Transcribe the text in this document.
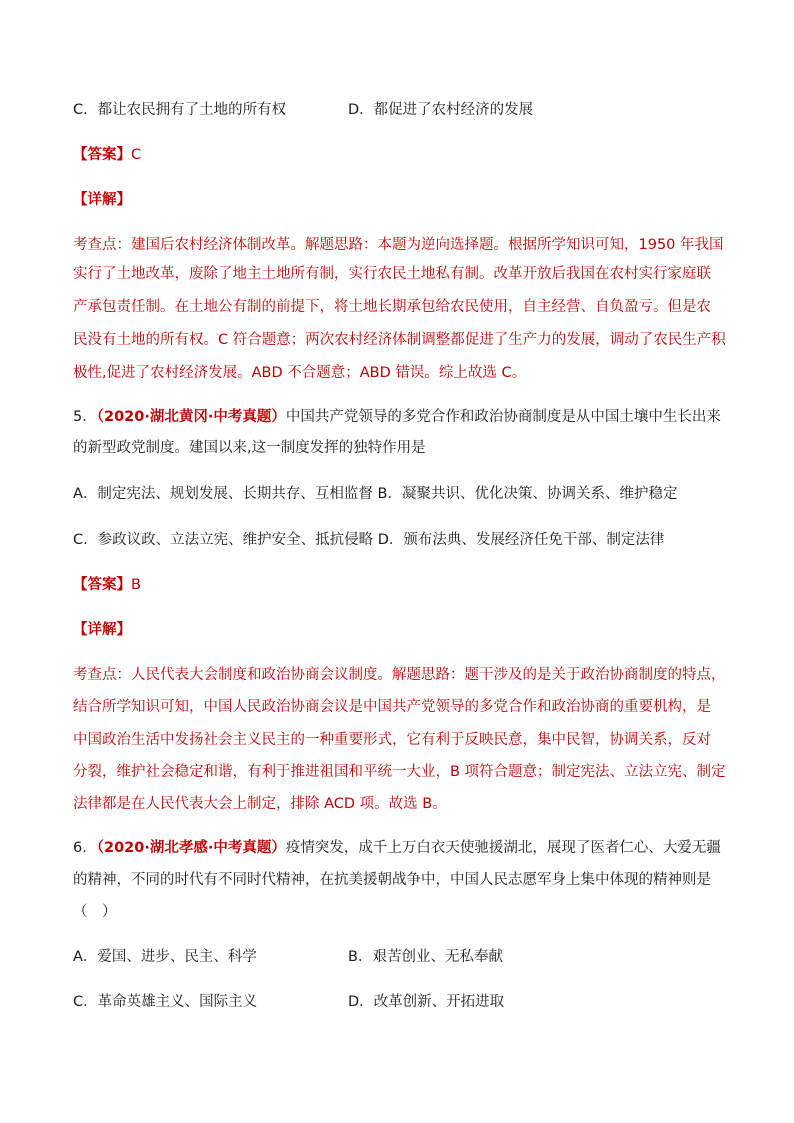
C．都让农民拥有了土地的所有权	D．都促进了农村经济的发展
【答案】C
【详解】
考查点：建国后农村经济体制改革。解题思路：本题为逆向选择题。根据所学知识可知，1950 年我国
实行了土地改革，废除了地主土地所有制，实行农民土地私有制。改革开放后我国在农村实行家庭联
产承包责任制。在土地公有制的前提下，将土地长期承包给农民使用，自主经营、自负盈亏。但是农
民没有土地的所有权。C 符合题意；两次农村经济体制调整都促进了生产力的发展，调动了农民生产积
极性,促进了农村经济发展。ABD 不合题意；ABD 错误。综上故选 C。
5．（2020·湖北黄冈·中考真题）中国共产党领导的多党合作和政治协商制度是从中国土壤中生长出来
的新型政党制度。建国以来,这一制度发挥的独特作用是
A．制定宪法、规划发展、长期共存、互相监督 B．凝聚共识、优化决策、协调关系、维护稳定
C．参政议政、立法立宪、维护安全、抵抗侵略 D．颁布法典、发展经济任免干部、制定法律
【答案】B
【详解】
考查点：人民代表大会制度和政治协商会议制度。解题思路：题干涉及的是关于政治协商制度的特点，
结合所学知识可知，中国人民政治协商会议是中国共产党领导的多党合作和政治协商的重要机构，是
中国政治生活中发扬社会主义民主的一种重要形式，它有利于反映民意，集中民智，协调关系，反对
分裂，维护社会稳定和谐，有利于推进祖国和平统一大业，B 项符合题意；制定宪法、立法立宪、制定
法律都是在人民代表大会上制定，排除 ACD 项。故选 B。
6．（2020·湖北孝感·中考真题）疫情突发，成千上万白衣天使驰援湖北，展现了医者仁心、大爱无疆
的精神，不同的时代有不同时代精神，在抗美援朝战争中，中国人民志愿军身上集中体现的精神则是
（　）
A．爱国、进步、民主、科学	B．艰苦创业、无私奉献
C．革命英雄主义、国际主义	D．改革创新、开拓进取
